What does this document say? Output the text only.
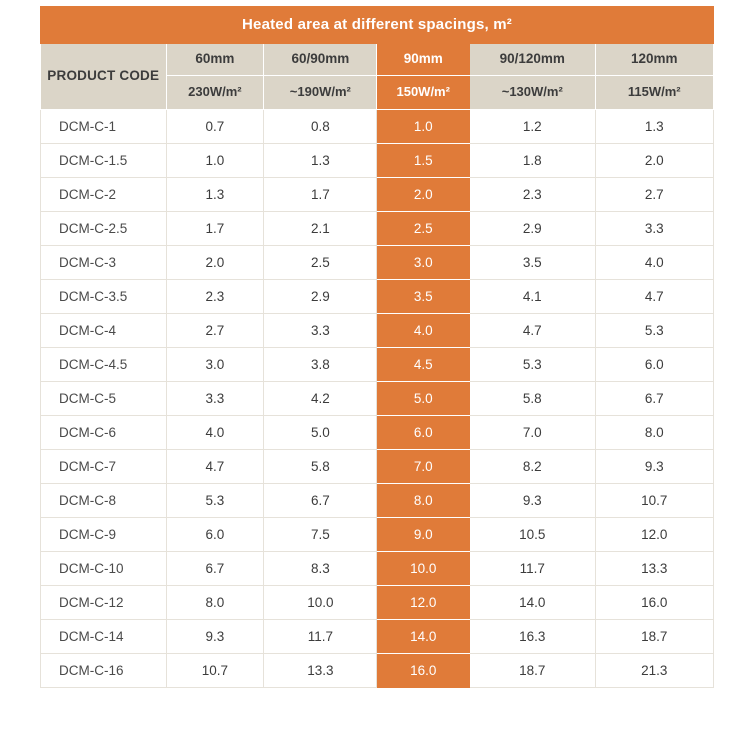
Heated area at different spacings, m²					
PRODUCT CODE	60mm	60/90mm	90mm	90/120mm	120mm
	230W/m²	~190W/m²	150W/m²	~130W/m²	115W/m²
DCM-C-1	0.7	0.8	1.0	1.2	1.3
DCM-C-1.5	1.0	1.3	1.5	1.8	2.0
DCM-C-2	1.3	1.7	2.0	2.3	2.7
DCM-C-2.5	1.7	2.1	2.5	2.9	3.3
DCM-C-3	2.0	2.5	3.0	3.5	4.0
DCM-C-3.5	2.3	2.9	3.5	4.1	4.7
DCM-C-4	2.7	3.3	4.0	4.7	5.3
DCM-C-4.5	3.0	3.8	4.5	5.3	6.0
DCM-C-5	3.3	4.2	5.0	5.8	6.7
DCM-C-6	4.0	5.0	6.0	7.0	8.0
DCM-C-7	4.7	5.8	7.0	8.2	9.3
DCM-C-8	5.3	6.7	8.0	9.3	10.7
DCM-C-9	6.0	7.5	9.0	10.5	12.0
DCM-C-10	6.7	8.3	10.0	11.7	13.3
DCM-C-12	8.0	10.0	12.0	14.0	16.0
DCM-C-14	9.3	11.7	14.0	16.3	18.7
DCM-C-16	10.7	13.3	16.0	18.7	21.3
